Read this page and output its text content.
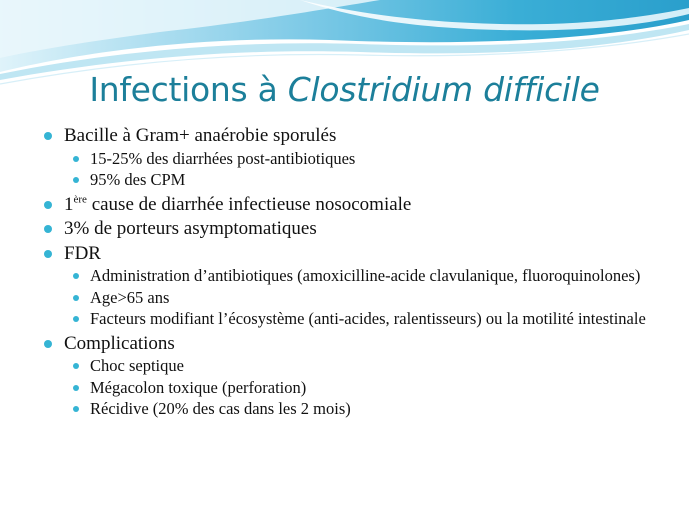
Infections à Clostridium difficile
Bacille à Gram+ anaérobie sporulés
15-25% des diarrhées post-antibiotiques
95% des CPM
1ère cause de diarrhée infectieuse nosocomiale
3% de porteurs asymptomatiques
FDR
Administration d’antibiotiques (amoxicilline-acide clavulanique, fluoroquinolones)
Age>65 ans
Facteurs modifiant l’écosystème (anti-acides, ralentisseurs) ou la motilité intestinale
Complications
Choc septique
Mégacolon toxique (perforation)
Récidive (20% des cas dans les 2 mois)
